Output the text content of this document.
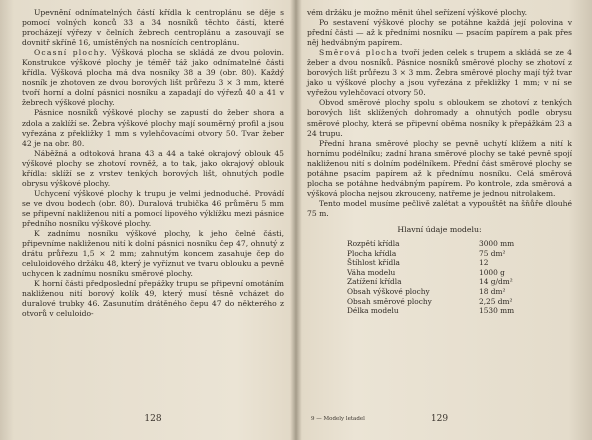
Upevnění odnímatelných částí křídla k centroplánu se děje s pomocí volných konců 33 a 34 nosníků těchto částí, které procházejí výřezy v čelních žebrech centroplánu a zasouvají se dovnitř skříně 16, umístěných na nosnících centroplánu.

Ocasní plochy. Výšková plocha se skládá ze dvou polovin. Konstrukce výškové plochy je téměř táž jako odnímatelné části křídla. Výšková plocha má dva nosníky 38 a 39 (obr. 80). Každý nosník je zhotoven ze dvou borových lišt průřezu 3 × 3 mm, které tvoří horní a dolní pásnici nosníku a zapadají do výřezů 40 a 41 v žebrech výškové plochy.

Pásnice nosníků výškové plochy se zapustí do žeber shora a zdola a zaklíží se. Žebra výškové plochy mají souměrný profil a jsou vyřezána z překližky 1 mm s vylehčovacími otvory 50. Tvar žeber 42 je na obr. 80.

Náběžná a odtoková hrana 43 a 44 a také okrajový oblouk 45 výškové plochy se zhotoví rovněž, a to tak, jako okrajový oblouk křídla: sklíží se z vrstev tenkých borových lišt, ohnutých podle obrysu výškové plochy.

Uchycení výškové plochy k trupu je velmi jednoduché. Provádí se ve dvou bodech (obr. 80). Duralová trubička 46 průměru 5 mm se připevní nakliženou nití a pomocí lipového výklížku mezi pásnice předního nosníku výškové plochy.

K zadnímu nosníku výškové plochy, k jeho čelné části, připevníme nakliženou nití k dolní pásnici nosníku čep 47, ohnutý z drátu průřezu 1,5 × 2 mm; zahnutým koncem zasahuje čep do celuloidového držáku 48, který je vyříznut ve tvaru oblouku a pevně uchycen k zadnímu nosníku směrové plochy.

K horní části předposlední přepážky trupu se připevní omotáním nakliženou nití borový kolík 49, který musí těsně vcházet do duralové trubky 46. Zasunutím drátěného čepu 47 do některého z otvorů v celuloido-

128

vém držáku je možno měnit úhel seřízení výškové plochy.

Po sestavení výškové plochy se potáhne každá její polovina v přední části — až k předními nosníku — psacím papírem a pak přes něj hedvábným papírem.

Směrová plocha tvoří jeden celek s trupem a skládá se ze 4 žeber a dvou nosníků. Pásnice nosníků směrové plochy se zhotoví z borových lišt průřezu 3 × 3 mm. Žebra směrové plochy mají týž tvar jako u výškové plochy a jsou vyřezána z překližky 1 mm; v ní se vyřežou vylehčovací otvory 50.

Obvod směrové plochy spolu s obloukem se zhotoví z tenkých borových lišt sklížených dohromady a ohnutých podle obrysu směrové plochy, která se připevní oběma nosníky k přepážkám 23 a 24 trupu.

Přední hrana směrové plochy se pevně uchytí klížem a nití k hornímu podélníku; zadní hrana směrové plochy se také pevně spojí nakliženou nití s dolním podélníkem. Přední část směrové plochy se potáhne psacím papírem až k přednímu nosníku. Celá směrová plocha se potáhne hedvábným papírem. Po kontrole, zda směrová a výšková plocha nejsou zkrouceny, natřeme je jednou nitrolakem.

Tento model musíme pečlivě zalétat a vypouštět na šňůře dlouhé 75 m.

Hlavní údaje modelu:
Rozpětí křídla	3000 mm
Plocha křídla	75 dm²
Štíhlost křídla	12
Váha modelu	1000 g
Zatížení křídla	14 g/dm²
Obsah výškové plochy	18 dm²
Obsah směrové plochy	2,25 dm²
Délka modelu	1530 mm
9 — Modely letadel	129
